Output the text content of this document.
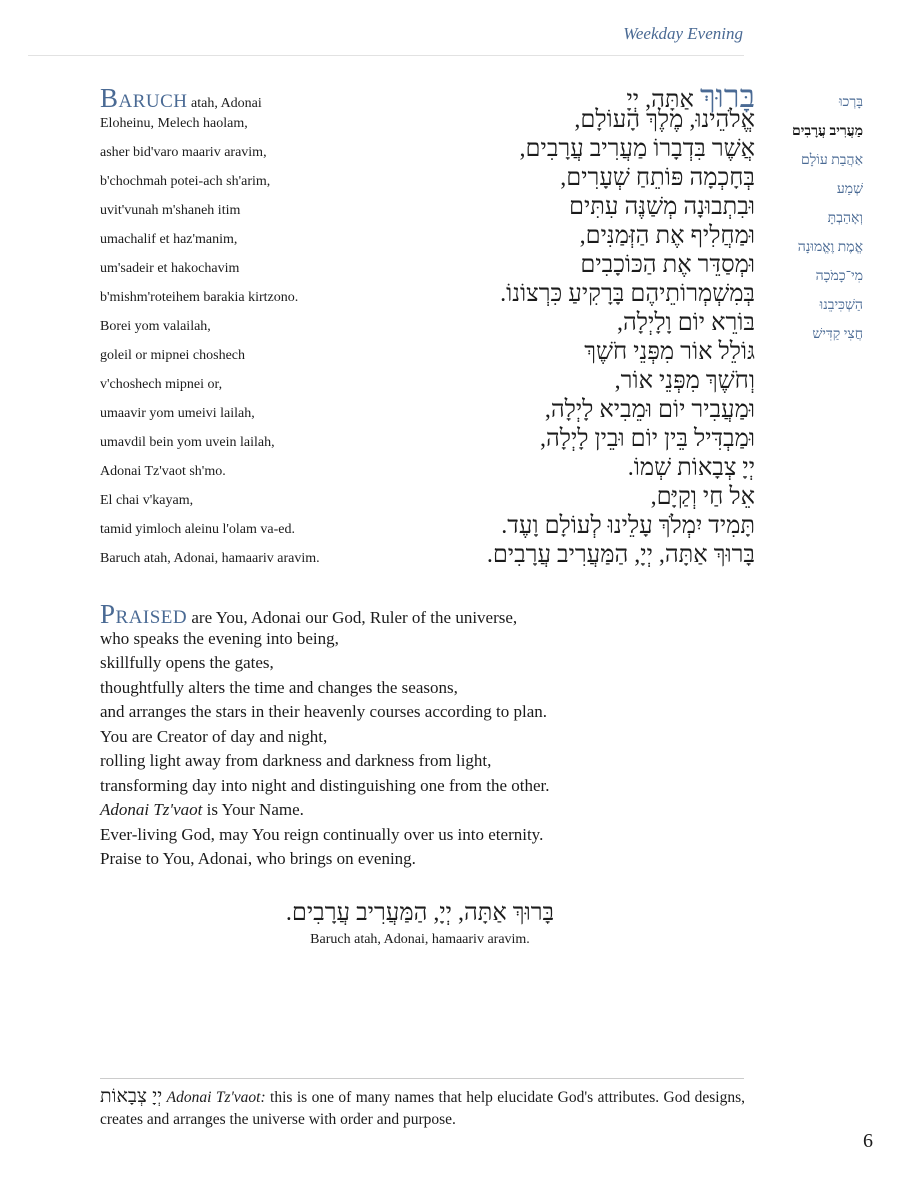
Weekday Evening
בָּרְכוּ
מַעֲרִיב עֲרָבִים
אַהֲבַת עוֹלָם
שְׁמַע
וְאָהַבְתָּ
אֱמֶת וֶאֱמוּנָה
מִי־כָמֹכָה
הַשְׁכִּיבֵנוּ
חֲצִי קַדִּישׁ
Baruch atah, Adonai	בָּרוּךְ אַתָּה, יְיָ
Eloheinu, Melech haolam,	אֱלֹהֵינוּ, מֶלֶךְ הָעוֹלָם,
asher bid'varo maariv aravim,	אֲשֶׁר בִּדְבָרוֹ מַעֲרִיב עֲרָבִים,
b'chochmah potei-ach sh'arim,	בְּחָכְמָה פּוֹתֵחַ שְׁעָרִים,
uvit'vunah m'shaneh itim	וּבִתְבוּנָה מְשַׁנֶּה עִתִּים
umachalif et haz'manim,	וּמַחֲלִיף אֶת הַזְּמַנִּים,
um'sadeir et hakochavim	וּמְסַדֵּר אֶת הַכּוֹכָבִים
b'mishm'roteihem barakia kirtzono.	בְּמִשְׁמְרוֹתֵיהֶם בָּרָקִיעַ כִּרְצוֹנוֹ.
Borei yom valailah,	בּוֹרֵא יוֹם וָלָיְלָה,
goleil or mipnei choshech	גּוֹלֵל אוֹר מִפְּנֵי חֹשֶׁךְ
v'choshech mipnei or,	וְחֹשֶׁךְ מִפְּנֵי אוֹר,
umaavir yom umeivi lailah,	וּמַעֲבִיר יוֹם וּמֵבִיא לָיְלָה,
umavdil bein yom uvein lailah,	וּמַבְדִּיל בֵּין יוֹם וּבֵין לָיְלָה,
Adonai Tz'vaot sh'mo.	יְיָ צְבָאוֹת שְׁמוֹ.
El chai v'kayam,	אֵל חַי וְקַיָּם,
tamid yimloch aleinu l'olam va-ed.	תָּמִיד יִמְלֹךְ עָלֵינוּ לְעוֹלָם וָעֶד.
Baruch atah, Adonai, hamaariv aravim.	בָּרוּךְ אַתָּה, יְיָ, הַמַּעֲרִיב עֲרָבִים.
Praised are You, Adonai our God, Ruler of the universe,
who speaks the evening into being,
skillfully opens the gates,
thoughtfully alters the time and changes the seasons,
and arranges the stars in their heavenly courses according to plan.
You are Creator of day and night,
rolling light away from darkness and darkness from light,
transforming day into night and distinguishing one from the other.
Adonai Tz'vaot is Your Name.
Ever-living God, may You reign continually over us into eternity.
Praise to You, Adonai, who brings on evening.
בָּרוּךְ אַתָּה, יְיָ, הַמַּעֲרִיב עֲרָבִים.
Baruch atah, Adonai, hamaariv aravim.
יְיָ צְבָאוֹת Adonai Tz'vaot: this is one of many names that help elucidate God's attributes. God designs, creates and arranges the universe with order and purpose.
6
